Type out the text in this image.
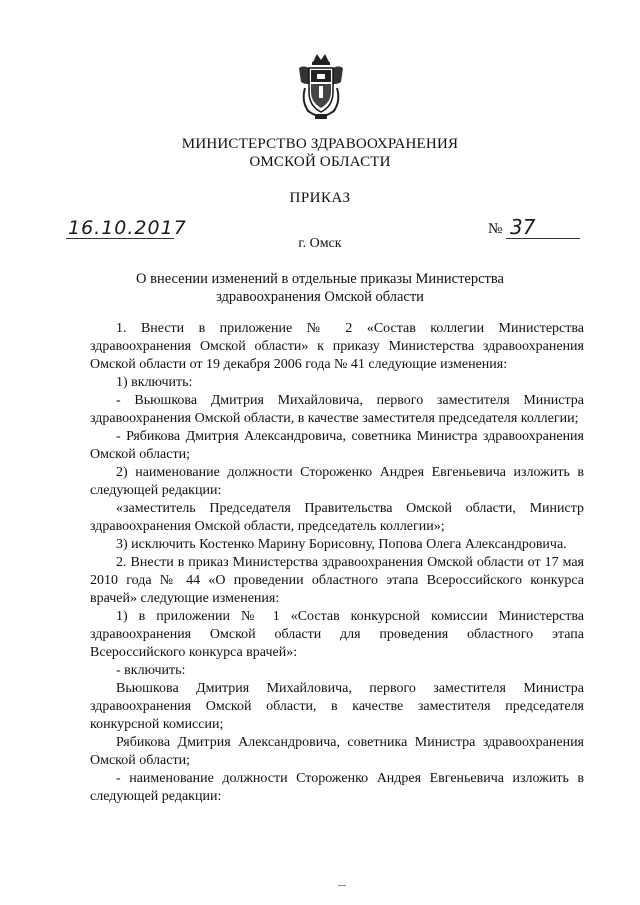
МИНИСТЕРСТВО ЗДРАВООХРАНЕНИЯ
ОМСКОЙ ОБЛАСТИ
ПРИКАЗ
16.10.2017	№ 37
г. Омск
О внесении изменений в отдельные приказы Министерства
здравоохранения Омской области

1. Внести в приложение № 2 «Состав коллегии Министерства здравоохранения Омской области» к приказу Министерства здравоохранения Омской области от 19 декабря 2006 года № 41 следующие изменения:

1) включить:

- Вьюшкова Дмитрия Михайловича, первого заместителя Министра здравоохранения Омской области, в качестве заместителя председателя коллегии;

- Рябикова Дмитрия Александровича, советника Министра здравоохранения Омской области;

2) наименование должности Стороженко Андрея Евгеньевича изложить в следующей редакции:

«заместитель Председателя Правительства Омской области, Министр здравоохранения Омской области, председатель коллегии»;

3) исключить Костенко Марину Борисовну, Попова Олега Александровича.

2. Внести в приказ Министерства здравоохранения Омской области от 17 мая 2010 года № 44 «О проведении областного этапа Всероссийского конкурса врачей» следующие изменения:

1) в приложении № 1 «Состав конкурсной комиссии Министерства здравоохранения Омской области для проведения областного этапа Всероссийского конкурса врачей»:

- включить:

Вьюшкова Дмитрия Михайловича, первого заместителя Министра здравоохранения Омской области, в качестве заместителя председателя конкурсной комиссии;

Рябикова Дмитрия Александровича, советника Министра здравоохранения Омской области;

- наименование должности Стороженко Андрея Евгеньевича изложить в следующей редакции:
